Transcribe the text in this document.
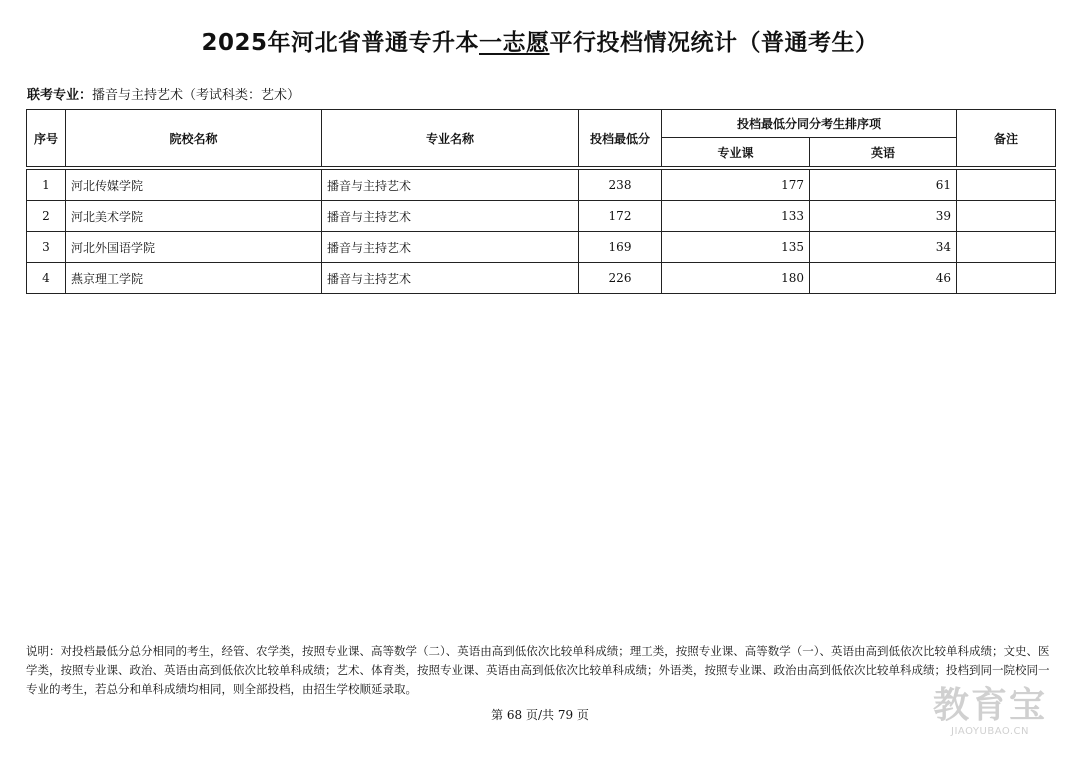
2025年河北省普通专升本一志愿平行投档情况统计（普通考生）
联考专业：播音与主持艺术（考试科类：艺术）
序号	院校名称	专业名称	投档最低分	投档最低分同分考生排序项		备注
				专业课	英语	

1	河北传媒学院	播音与主持艺术	238	177	61	
2	河北美术学院	播音与主持艺术	172	133	39	
3	河北外国语学院	播音与主持艺术	169	135	34	
4	燕京理工学院	播音与主持艺术	226	180	46	
说明：对投档最低分总分相同的考生，经管、农学类，按照专业课、高等数学（二）、英语由高到低依次比较单科成绩；理工类，按照专业课、高等数学（一）、英语由高到低依次比较单科成绩；文史、医学类，按照专业课、政治、英语由高到低依次比较单科成绩；艺术、体育类，按照专业课、英语由高到低依次比较单科成绩；外语类，按照专业课、政治由高到低依次比较单科成绩；投档到同一院校同一专业的考生，若总分和单科成绩均相同，则全部投档，由招生学校顺延录取。
第 68 页/共 79 页	教育宝
JIAOYUBAO.CN
